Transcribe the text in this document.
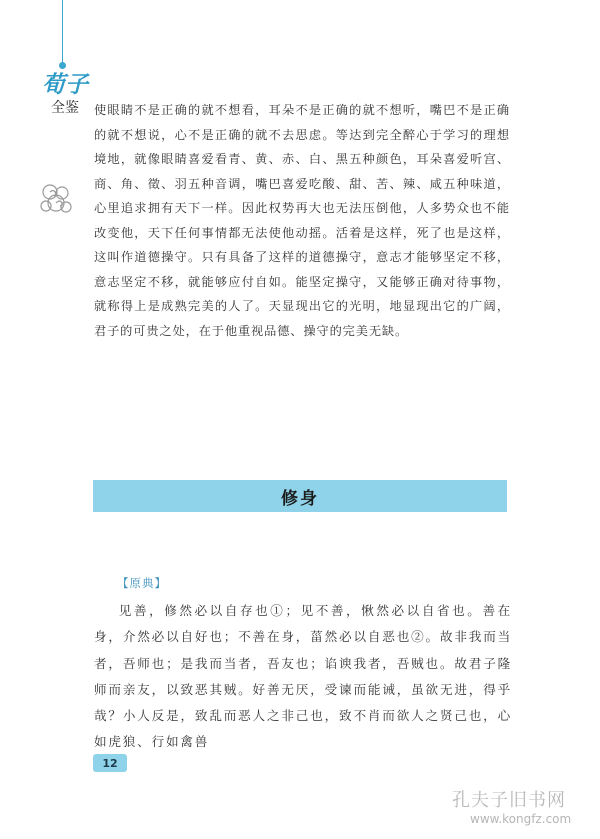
荀子
全鉴	使眼睛不是正确的就不想看，耳朵不是正确的就不想听，嘴巴不是正确的就不想说，心不是正确的就不去思虑。等达到完全醉心于学习的理想境地，就像眼睛喜爱看青、黄、赤、白、黑五种颜色，耳朵喜爱听宫、商、角、徵、羽五种音调，嘴巴喜爱吃酸、甜、苦、辣、咸五种味道，心里追求拥有天下一样。因此权势再大也无法压倒他，人多势众也不能改变他，天下任何事情都无法使他动摇。活着是这样，死了也是这样，这叫作道德操守。只有具备了这样的道德操守，意志才能够坚定不移，意志坚定不移，就能够应付自如。能坚定操守，又能够正确对待事物，就称得上是成熟完美的人了。天显现出它的光明，地显现出它的广阔，君子的可贵之处，在于他重视品德、操守的完美无缺。
修身
【原典】
见善，修然必以自存也①；见不善，愀然必以自省也。善在身，介然必以自好也；不善在身，菑然必以自恶也②。故非我而当者，吾师也；是我而当者，吾友也；谄谀我者，吾贼也。故君子隆师而亲友，以致恶其贼。好善无厌，受谏而能诫，虽欲无进，得乎哉？小人反是，致乱而恶人之非己也，致不肖而欲人之贤己也，心如虎狼、行如禽兽
12
孔夫子旧书网
www.kongfz.com
